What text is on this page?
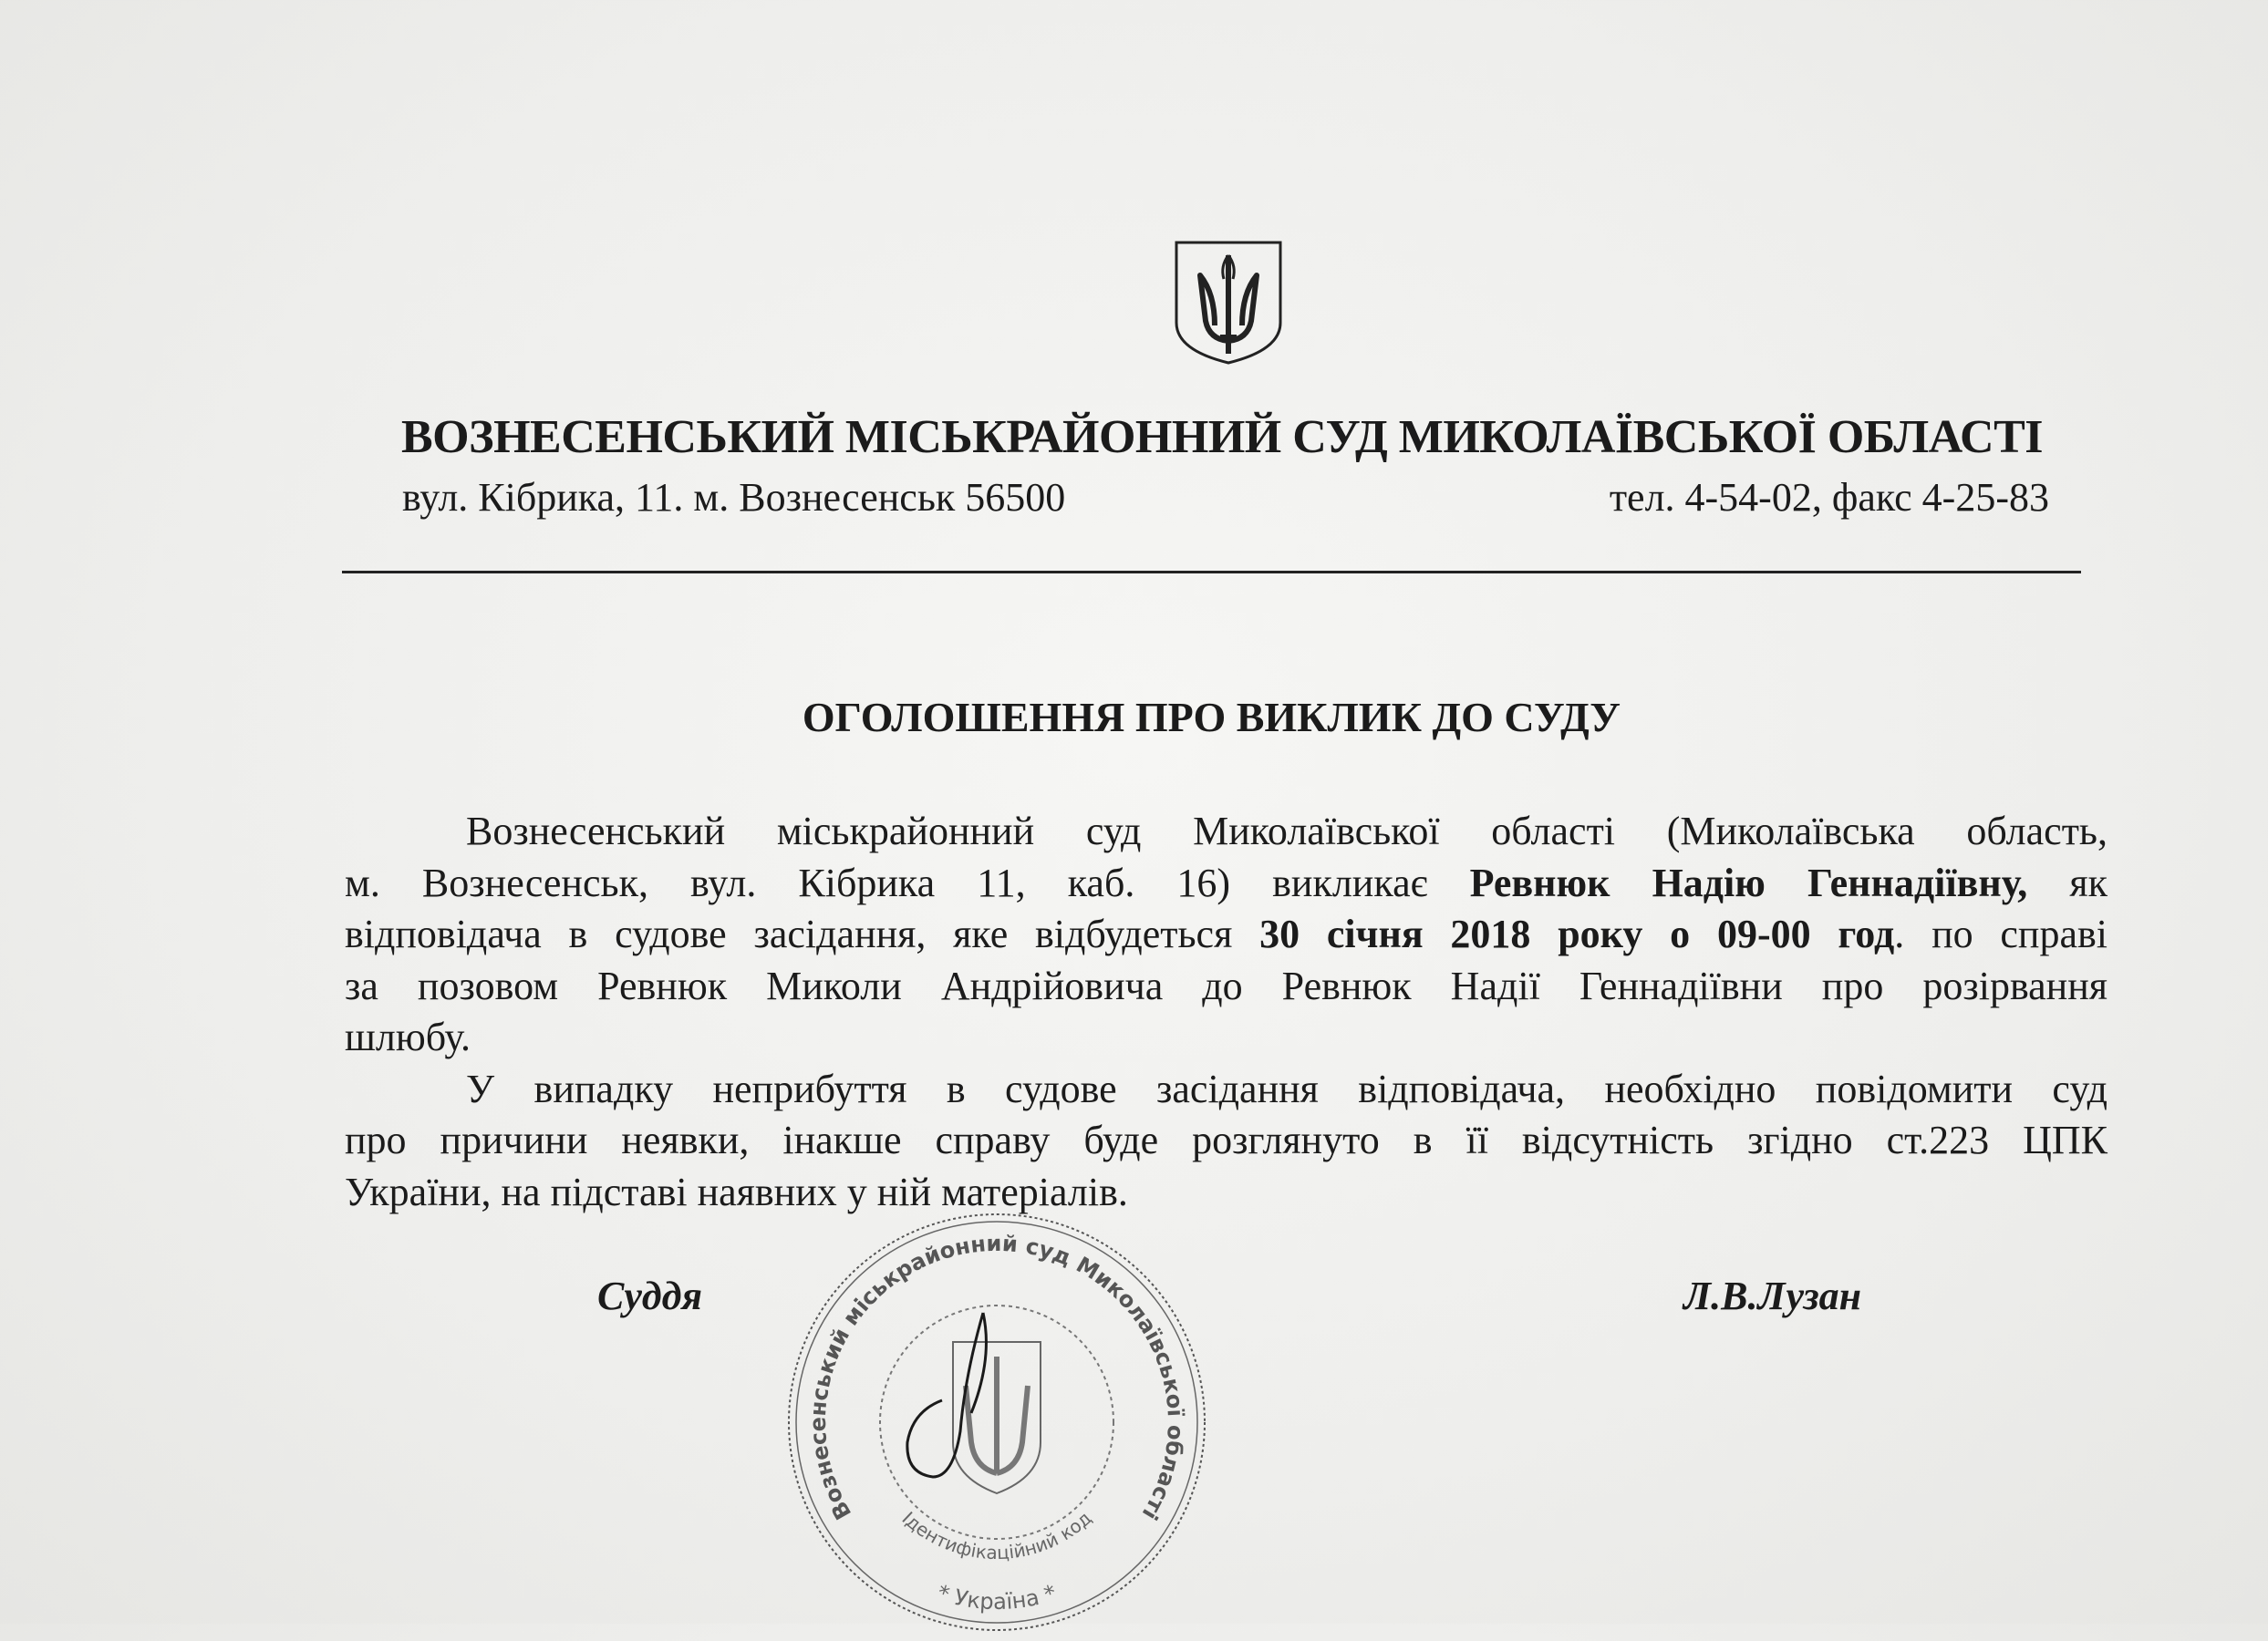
ВОЗНЕСЕНСЬКИЙ МІСЬКРАЙОННИЙ СУД МИКОЛАЇВСЬКОЇ ОБЛАСТІ
вул. Кібрика, 11. м. Вознесенськ 56500	тел. 4-54-02, факс 4-25-83
ОГОЛОШЕННЯ ПРО ВИКЛИК ДО СУДУ
Вознесенський міськрайонний суд Миколаївської області (Миколаївська область,
м. Вознесенськ, вул. Кібрика 11, каб. 16) викликає Ревнюк Надію Геннадіївну, як
відповідача в судове засідання, яке відбудеться 30 січня 2018 року о 09-00 год. по справі
за позовом Ревнюк Миколи Андрійовича до Ревнюк Надії Геннадіївни про розірвання
шлюбу.
У випадку неприбуття в судове засідання відповідача, необхідно повідомити суд
про причини неявки, інакше справу буде розглянуто в її відсутність згідно ст.223 ЦПК
України, на підставі наявних у ній матеріалів.
Суддя	Л.В.Лузан
Вознесенський міськрайонний суд Миколаївської області
Ідентифікаційний код
* Україна *
